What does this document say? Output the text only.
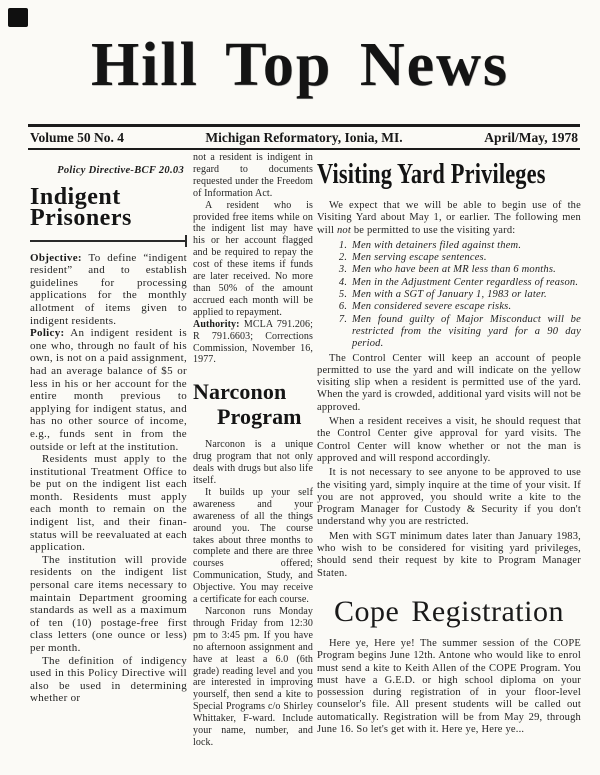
Hill Top News
Volume 50 No. 4	Michigan Reformatory, Ionia, MI.	April/May, 1978
Policy Directive-BCF 20.03
Indigent Prisoners

Objective: To define “indigent resident” and to establish guidelines for processing applications for the monthly allotment of items given to indigent residents.

Policy: An indigent resident is one who, through no fault of his own, is not on a paid assignment, had an average balance of $5 or less in his or her account for the entire month previous to applying for indigent status, and has no other source of income, e.g., funds sent in from the outside or left at the institution.

Residents must apply to the institutional Treatment Office to be put on the indigent list each month. Residents must apply each month to remain on the indigent list, and their finan- status will be reevaluated at each application.

The institution will provide residents on the indigent list personal care items necessary to maintain Department grooming standards as well as a maximum of ten (10) postage-free first class letters (one ounce or less) per month.

The definition of indigency used in this Policy Directive will also be used in determining whether or

not a resident is indigent in regard to documents requested under the Freedom of Information Act.

A resident who is provided free items while on the indigent list may have his or her account flagged and be required to repay the cost of these items if funds are later received. No more than 50% of the amount accrued each month will be applied to repayment.

Authority: MCLA 791.206; R 791.6603; Corrections Commission, November 16, 1977.

Narconon
Program

Narconon is a unique drug program that not only deals with drugs but also life itself.

It builds up your self awareness and your awareness of all the things around you. The course takes about three months to complete and there are three courses offered; Communication, Study, and Objective. You may receive a certificate for each course.

Narconon runs Monday through Friday from 12:30 pm to 3:45 pm. If you have no afternoon assignment and have at least a 6.0 (6th grade) reading level and you are interested in improving yourself, then send a kite to Special Programs c/o Shirley Whittaker, F-ward. Include your name, number, and lock.

Visiting Yard Privileges

We expect that we will be able to begin use of the Visiting Yard about May 1, or earlier. The following men will not be permitted to use the visiting yard:

1. Men with detainers filed against them.
2. Men serving escape sentences.
3. Men who have been at MR less than 6 months.
4. Men in the Adjustment Center regardless of reason.
5. Men with a SGT of January 1, 1983 or later.
6. Men considered severe escape risks.
7. Men found guilty of Major Misconduct will be restricted from the visiting yard for a 90 day period.

The Control Center will keep an account of people permitted to use the yard and will indicate on the yellow visiting slip when a resident is permitted use of the yard. When the yard is crowded, additional yard visits will not be approved.

When a resident receives a visit, he should request that the Control Center give approval for yard visits. The Control Center will know whether or not the man is approved and will respond accordingly.

It is not necessary to see anyone to be approved to use the visiting yard, simply inquire at the time of your visit. If you are not approved, you should write a kite to the Program Manager for Custody & Security if you don't understand why you are restricted.

Men with SGT minimum dates later than January 1983, who wish to be considered for visiting yard privileges, should send their request by kite to Program Manager Staten.

Cope Registration

Here ye, Here ye! The summer session of the COPE Program begins June 12th. Antone who would like to enrol must send a kite to Keith Allen of the COPE Program. You must have a G.E.D. or high school diploma on your possession during registration of in your floor-level counselor's file. All present students will be called out automatically. Registration will be from May 29, through June 16. So let's get with it. Here ye, Here ye...
